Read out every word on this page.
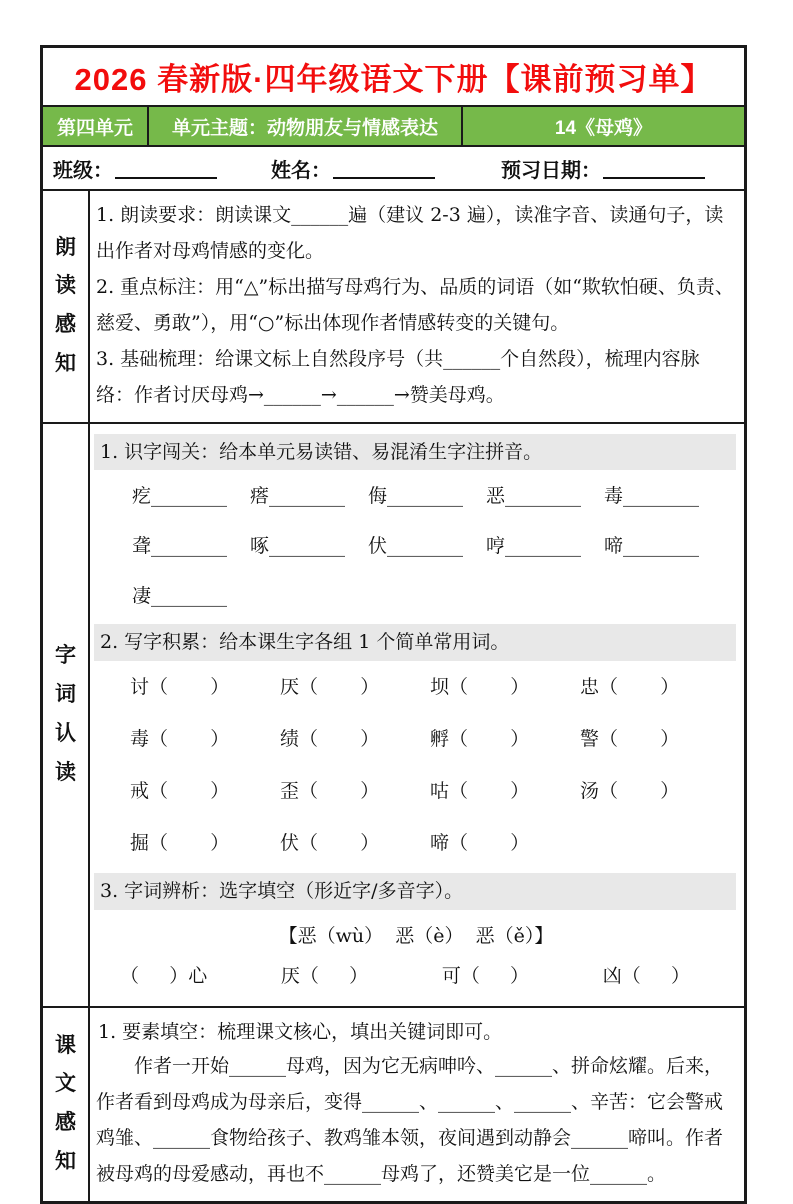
2026 春新版·四年级语文下册【课前预习单】
第四单元	单元主题：动物朋友与情感表达	14《母鸡》
班级：	姓名：	预习日期：
朗读感知

1. 朗读要求：朗读课文______遍（建议 2-3 遍），读准字音、读通句子，读出作者对母鸡情感的变化。

2. 重点标注：用“△”标出描写母鸡行为、品质的词语（如“欺软怕硬、负责、慈爱、勇敢”），用“○”标出体现作者情感转变的关键句。

3. 基础梳理：给课文标上自然段序号（共______个自然段），梳理内容脉络：作者讨厌母鸡→______→______→赞美母鸡。

字词认读
1. 识字闯关：给本单元易读错、易混淆生字注拼音。
疙________	瘩________	侮________	恶________	毒________
聋________	啄________	伏________	哼________	啼________
凄________
2. 写字积累：给本课生字各组 1 个简单常用词。
讨（       ）	厌（       ）	坝（       ）	忠（       ）
毒（       ）	绩（       ）	孵（       ）	警（       ）
戒（       ）	歪（       ）	咕（       ）	汤（       ）
掘（       ）	伏（       ）	啼（       ）
3. 字词辨析：选字填空（形近字/多音字）。
【恶（wù）  恶（è）  恶（ě）】
（     ）心	厌（     ）	可（     ）	凶（     ）
课文感知

1. 要素填空：梳理课文核心，填出关键词即可。

作者一开始______母鸡，因为它无病呻吟、______、拼命炫耀。后来，作者看到母鸡成为母亲后，变得______、______、______、辛苦：它会警戒鸡雏、______食物给孩子、教鸡雏本领，夜间遇到动静会______啼叫。作者被母鸡的母爱感动，再也不______母鸡了，还赞美它是一位______。
